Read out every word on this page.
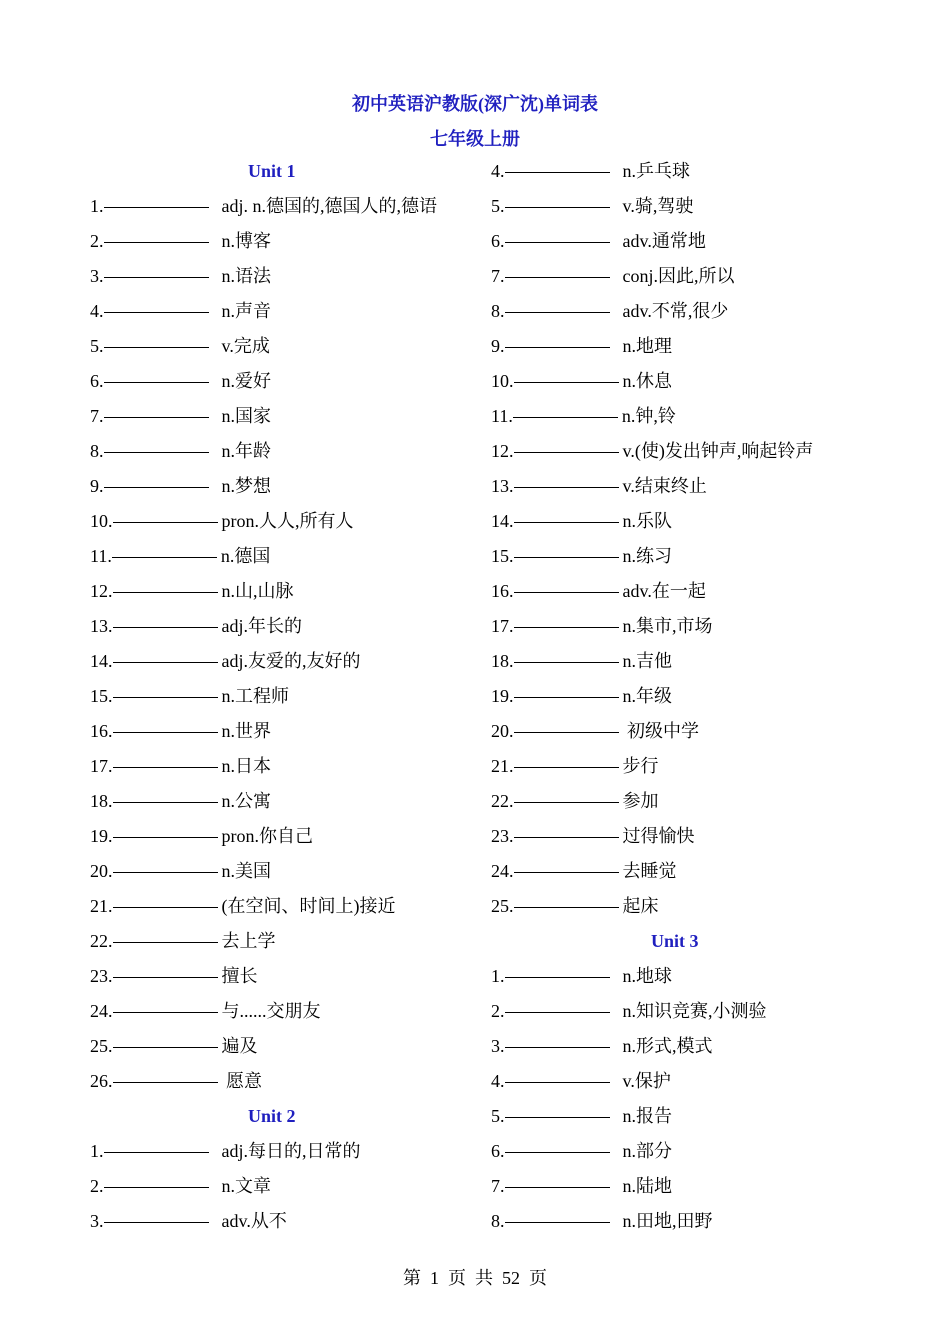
初中英语沪教版(深广沈)单词表
七年级上册
Unit 1
1.	adj. n.德国的,德国人的,德语
2.	n.博客
3.	n.语法
4.	n.声音
5.	v.完成
6.	n.爱好
7.	n.国家
8.	n.年龄
9.	n.梦想
10.	pron.人人,所有人
11.	n.德国
12.	n.山,山脉
13.	adj.年长的
14.	adj.友爱的,友好的
15.	n.工程师
16.	n.世界
17.	n.日本
18.	n.公寓
19.	pron.你自己
20.	n.美国
21.	(在空间、时间上)接近
22.	去上学
23.	擅长
24.	与......交朋友
25.	遍及
26.	愿意
Unit 2
1.	adj.每日的,日常的
2.	n.文章
3.	adv.从不
4.	n.乒乓球
5.	v.骑,驾驶
6.	adv.通常地
7.	conj.因此,所以
8.	adv.不常,很少
9.	n.地理
10.	n.休息
11.	n.钟,铃
12.	v.(使)发出钟声,响起铃声
13.	v.结束终止
14.	n.乐队
15.	n.练习
16.	adv.在一起
17.	n.集市,市场
18.	n.吉他
19.	n.年级
20.	初级中学
21.	步行
22.	参加
23.	过得愉快
24.	去睡觉
25.	起床
Unit 3
1.	n.地球
2.	n.知识竞赛,小测验
3.	n.形式,模式
4.	v.保护
5.	n.报告
6.	n.部分
7.	n.陆地
8.	n.田地,田野
第  1  页  共  52  页
